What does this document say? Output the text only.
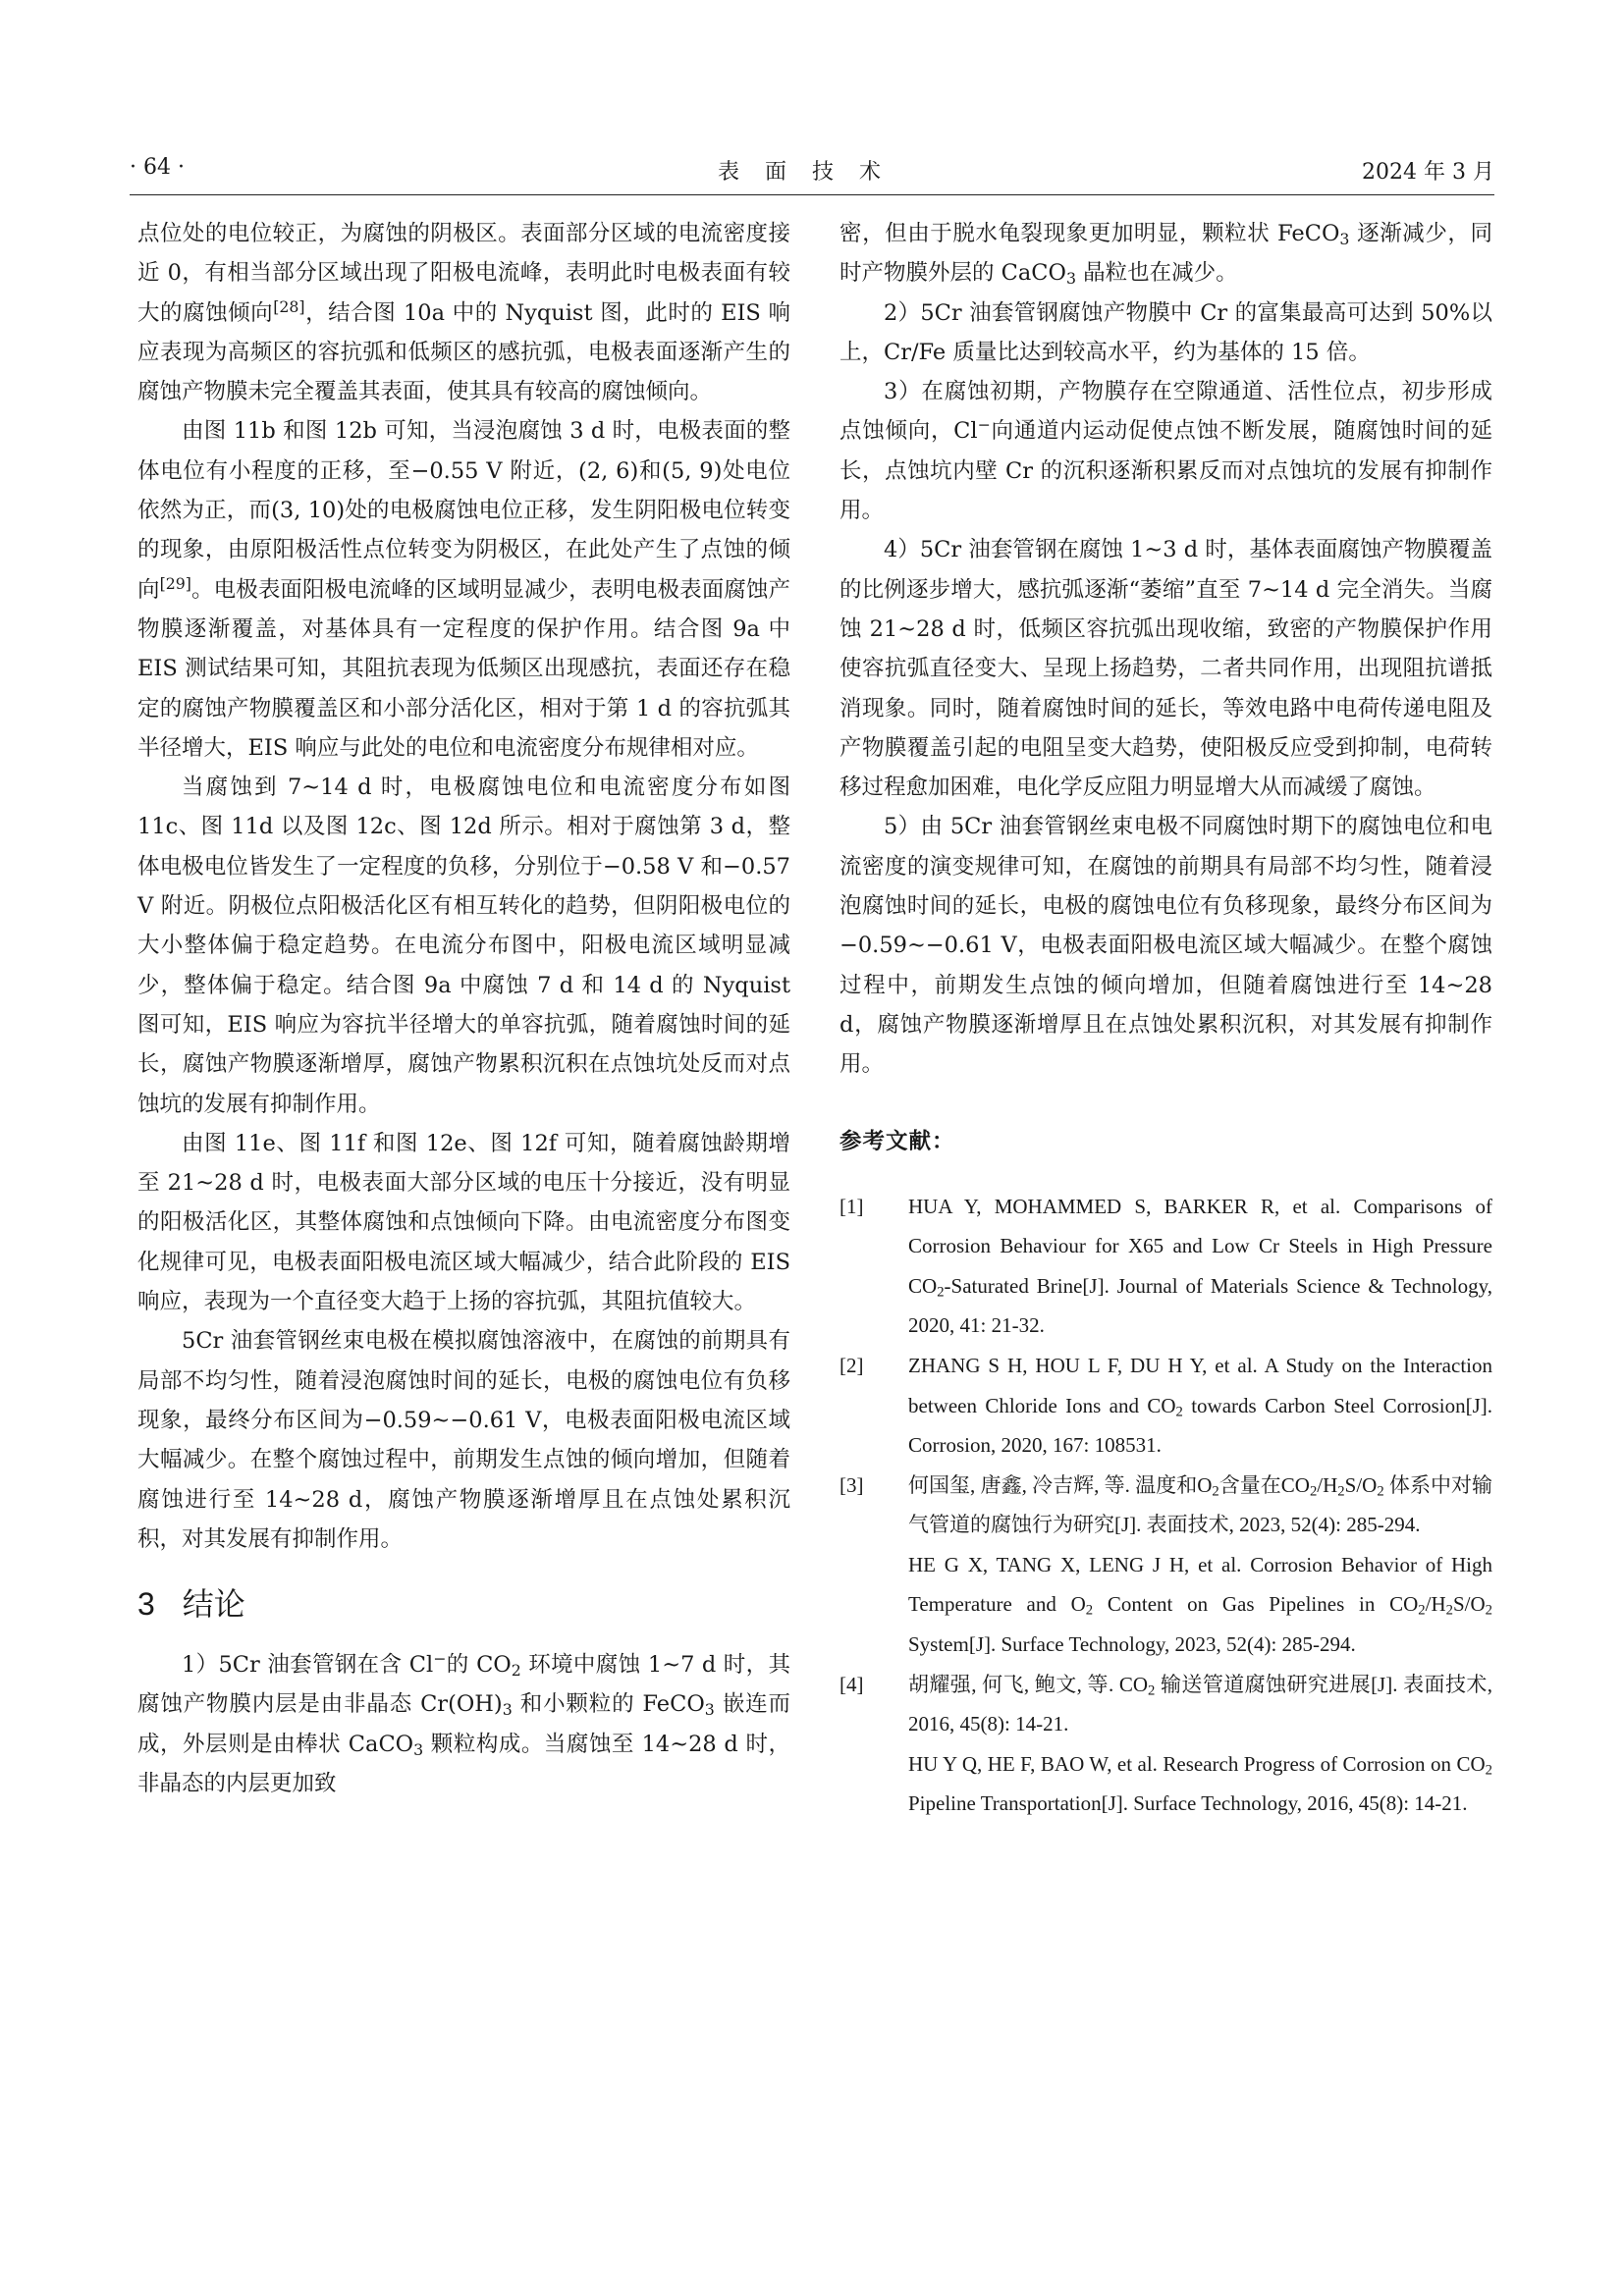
· 64 ·	表面技术	2024 年 3 月

点位处的电位较正，为腐蚀的阴极区。表面部分区域的电流密度接近 0，有相当部分区域出现了阳极电流峰，表明此时电极表面有较大的腐蚀倾向[28]，结合图 10a 中的 Nyquist 图，此时的 EIS 响应表现为高频区的容抗弧和低频区的感抗弧，电极表面逐渐产生的腐蚀产物膜未完全覆盖其表面，使其具有较高的腐蚀倾向。

由图 11b 和图 12b 可知，当浸泡腐蚀 3 d 时，电极表面的整体电位有小程度的正移，至−0.55 V 附近，(2, 6)和(5, 9)处电位依然为正，而(3, 10)处的电极腐蚀电位正移，发生阴阳极电位转变的现象，由原阳极活性点位转变为阴极区，在此处产生了点蚀的倾向[29]。电极表面阳极电流峰的区域明显减少，表明电极表面腐蚀产物膜逐渐覆盖，对基体具有一定程度的保护作用。结合图 9a 中 EIS 测试结果可知，其阻抗表现为低频区出现感抗，表面还存在稳定的腐蚀产物膜覆盖区和小部分活化区，相对于第 1 d 的容抗弧其半径增大，EIS 响应与此处的电位和电流密度分布规律相对应。

当腐蚀到 7~14 d 时，电极腐蚀电位和电流密度分布如图 11c、图 11d 以及图 12c、图 12d 所示。相对于腐蚀第 3 d，整体电极电位皆发生了一定程度的负移，分别位于−0.58 V 和−0.57 V 附近。阴极位点阳极活化区有相互转化的趋势，但阴阳极电位的大小整体偏于稳定趋势。在电流分布图中，阳极电流区域明显减少，整体偏于稳定。结合图 9a 中腐蚀 7 d 和 14 d 的 Nyquist 图可知，EIS 响应为容抗半径增大的单容抗弧，随着腐蚀时间的延长，腐蚀产物膜逐渐增厚，腐蚀产物累积沉积在点蚀坑处反而对点蚀坑的发展有抑制作用。

由图 11e、图 11f 和图 12e、图 12f 可知，随着腐蚀龄期增至 21~28 d 时，电极表面大部分区域的电压十分接近，没有明显的阳极活化区，其整体腐蚀和点蚀倾向下降。由电流密度分布图变化规律可见，电极表面阳极电流区域大幅减少，结合此阶段的 EIS 响应，表现为一个直径变大趋于上扬的容抗弧，其阻抗值较大。

5Cr 油套管钢丝束电极在模拟腐蚀溶液中，在腐蚀的前期具有局部不均匀性，随着浸泡腐蚀时间的延长，电极的腐蚀电位有负移现象，最终分布区间为−0.59~−0.61 V，电极表面阳极电流区域大幅减少。在整个腐蚀过程中，前期发生点蚀的倾向增加，但随着腐蚀进行至 14~28 d，腐蚀产物膜逐渐增厚且在点蚀处累积沉积，对其发展有抑制作用。

3 结论

1）5Cr 油套管钢在含 Cl−的 $CO_2$ 环境中腐蚀 1~7 d 时，其腐蚀产物膜内层是由非晶态 $Cr(OH)_3$ 和小颗粒的 FeCO$_3$ 嵌连而成，外层则是由棒状 CaCO$_3$ 颗粒构成。当腐蚀至 14~28 d 时，非晶态的内层更加致

密，但由于脱水龟裂现象更加明显，颗粒状 FeCO$_3$ 逐渐减少，同时产物膜外层的 CaCO$_3$ 晶粒也在减少。

2）5Cr 油套管钢腐蚀产物膜中 Cr 的富集最高可达到 50%以上，Cr/Fe 质量比达到较高水平，约为基体的 15 倍。

3）在腐蚀初期，产物膜存在空隙通道、活性位点，初步形成点蚀倾向，Cl−向通道内运动促使点蚀不断发展，随腐蚀时间的延长，点蚀坑内壁 Cr 的沉积逐渐积累反而对点蚀坑的发展有抑制作用。

4）5Cr 油套管钢在腐蚀 1~3 d 时，基体表面腐蚀产物膜覆盖的比例逐步增大，感抗弧逐渐“萎缩”直至 7~14 d 完全消失。当腐蚀 21~28 d 时，低频区容抗弧出现收缩，致密的产物膜保护作用使容抗弧直径变大、呈现上扬趋势，二者共同作用，出现阻抗谱抵消现象。同时，随着腐蚀时间的延长，等效电路中电荷传递电阻及产物膜覆盖引起的电阻呈变大趋势，使阳极反应受到抑制，电荷转移过程愈加困难，电化学反应阻力明显增大从而减缓了腐蚀。

5）由 5Cr 油套管钢丝束电极不同腐蚀时期下的腐蚀电位和电流密度的演变规律可知，在腐蚀的前期具有局部不均匀性，随着浸泡腐蚀时间的延长，电极的腐蚀电位有负移现象，最终分布区间为−0.59~−0.61 V，电极表面阳极电流区域大幅减少。在整个腐蚀过程中，前期发生点蚀的倾向增加，但随着腐蚀进行至 14~28 d，腐蚀产物膜逐渐增厚且在点蚀处累积沉积，对其发展有抑制作用。

参考文献：
[1]	HUA Y, MOHAMMED S, BARKER R, et al. Comparisons of Corrosion Behaviour for X65 and Low Cr Steels in High Pressure $CO_2$-Saturated Brine[J]. Journal of Materials Science & Technology, 2020, 41: 21-32.
[2]	ZHANG S H, HOU L F, DU H Y, et al. A Study on the Interaction between Chloride Ions and $CO_2$ towards Carbon Steel Corrosion[J]. Corrosion, 2020, 167: 108531.
[3]	何国玺, 唐鑫, 冷吉辉, 等. 温度和$O_2$含量在$CO_2/H_2S/O_2$ 体系中对输气管道的腐蚀行为研究[J]. 表面技术, 2023, 52(4): 285-294.
HE G X, TANG X, LENG J H, et al. Corrosion Behavior of High Temperature and $O_2$ Content on Gas Pipelines in $CO_2/H_2S/O_2$ System[J]. Surface Technology, 2023, 52(4): 285-294.
[4]	胡耀强, 何飞, 鲍文, 等. $CO_2$ 输送管道腐蚀研究进展[J]. 表面技术, 2016, 45(8): 14-21.
HU Y Q, HE F, BAO W, et al. Research Progress of Corrosion on $CO_2$ Pipeline Transportation[J]. Surface Technology, 2016, 45(8): 14-21.
